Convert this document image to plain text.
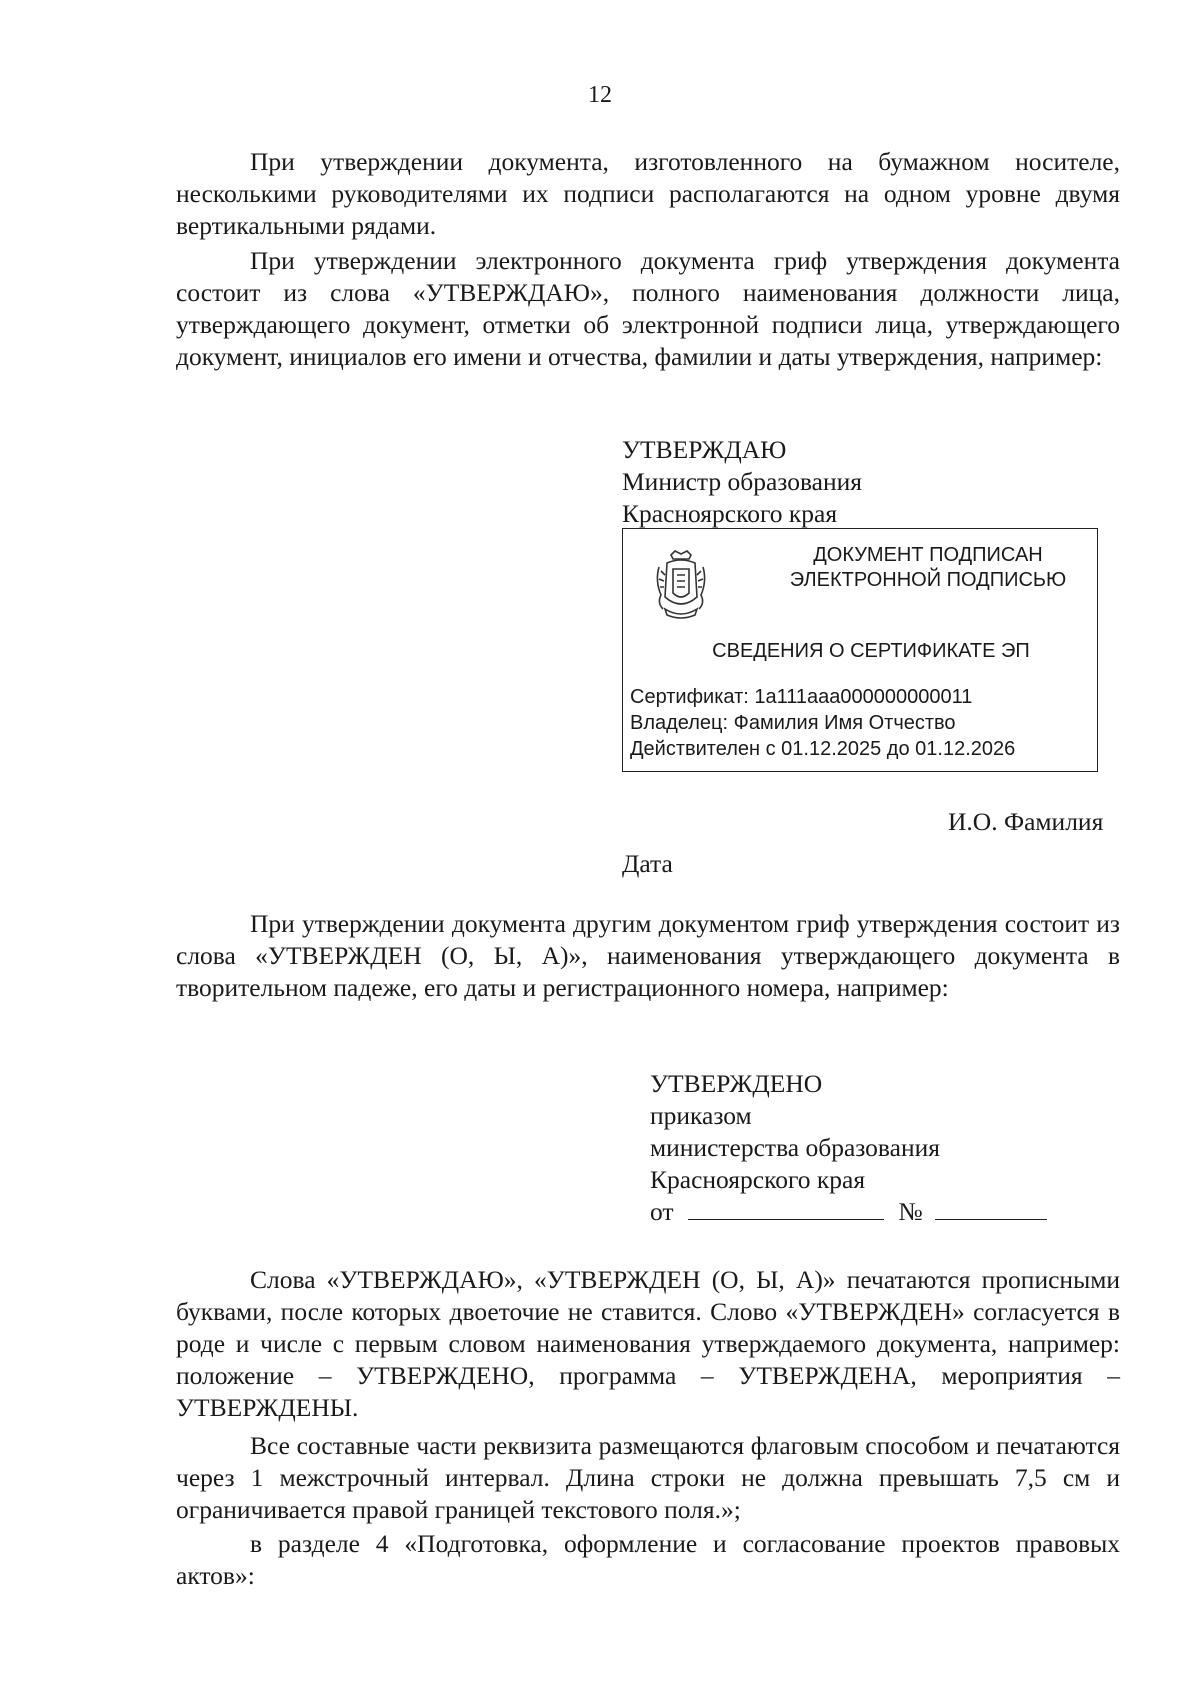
12

При утверждении документа, изготовленного на бумажном носителе, несколькими руководителями их подписи располагаются на одном уровне двумя вертикальными рядами.

При утверждении электронного документа гриф утверждения документа состоит из слова «УТВЕРЖДАЮ», полного наименования должности лица, утверждающего документ, отметки об электронной подписи лица, утверждающего документ, инициалов его имени и отчества, фамилии и даты утверждения, например:

УТВЕРЖДАЮ
Министр образования
Красноярского края
ДОКУМЕНТ ПОДПИСАН
ЭЛЕКТРОННОЙ ПОДПИСЬЮ
СВЕДЕНИЯ О СЕРТИФИКАТЕ ЭП
Сертификат: 1a111aaa000000000011
Владелец: Фамилия Имя Отчество
Действителен с 01.12.2025 до 01.12.2026
И.О. Фамилия
Дата

При утверждении документа другим документом гриф утверждения состоит из слова «УТВЕРЖДЕН (О, Ы, А)», наименования утверждающего документа в творительном падеже, его даты и регистрационного номера, например:

УТВЕРЖДЕНО
приказом
министерства образования
Красноярского края
от	№

Слова «УТВЕРЖДАЮ», «УТВЕРЖДЕН (О, Ы, А)» печатаются прописными буквами, после которых двоеточие не ставится. Слово «УТВЕРЖДЕН» согласуется в роде и числе с первым словом наименования утверждаемого документа, например: положение – УТВЕРЖДЕНО, программа – УТВЕРЖДЕНА, мероприятия – УТВЕРЖДЕНЫ.

Все составные части реквизита размещаются флаговым способом и печатаются через 1 межстрочный интервал. Длина строки не должна превышать 7,5 см и ограничивается правой границей текстового поля.»;

в разделе 4 «Подготовка, оформление и согласование проектов правовых актов»:
